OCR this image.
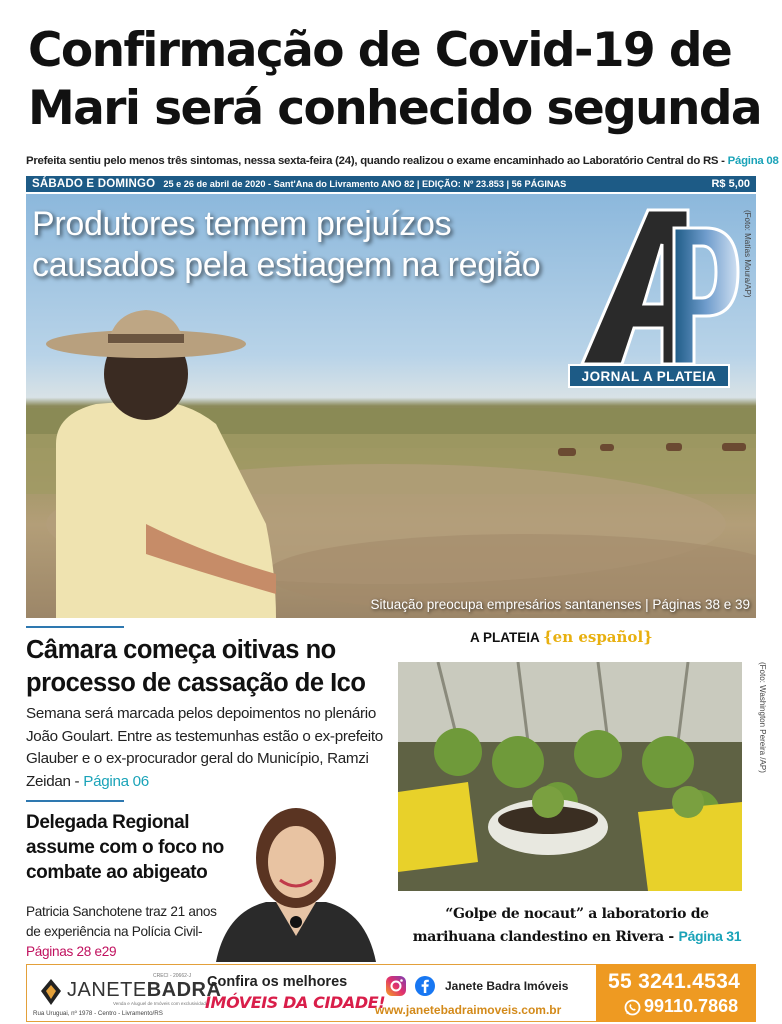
Confirmação de Covid-19 de
Mari será conhecido segunda
Prefeita sentiu pelo menos três sintomas, nessa sexta-feira (24), quando realizou o exame encaminhado ao Laboratório Central do RS - Página 08
SÁBADO E DOMINGO 25 e 26 de abril de 2020 - Sant'Ana do Livramento ANO 82 | EDIÇÃO: Nº 23.853 | 56 PÁGINAS	R$ 5,00
Produtores temem prejuízos
causados pela estiagem na região
Situação preocupa empresários santanenses | Páginas 38 e 39
(Foto: Matías Moura/AP)
JORNAL A PLATEIA
Câmara começa oitivas no
processo de cassação de Ico
Semana será marcada pelos depoimentos no plenário João Goulart. Entre as testemunhas estão o ex-prefeito Glauber e o ex-procurador geral do Município, Ramzi Zeidan - Página 06
Delegada Regional
assume com o foco no
combate ao abigeato
Patricia Sanchotene traz 21 anos de experiência na Polícia Civil- Páginas 28 e29
A PLATEIA {en español}
(Foto: Washington Pereira /AP)
“Golpe de nocaut” a laboratorio de
marihuana clandestino en Rivera - Página 31
CRECI - 20662-J
JANETEBADRA
Venda e Aluguel de Imóveis com exclusividade
Rua Uruguai, nº 1978 - Centro - Livramento/RS
Confira os melhores
IMÓVEIS DA CIDADE!
Janete Badra Imóveis
www.janetebadraimoveis.com.br
55 3241.4534
99110.7868
